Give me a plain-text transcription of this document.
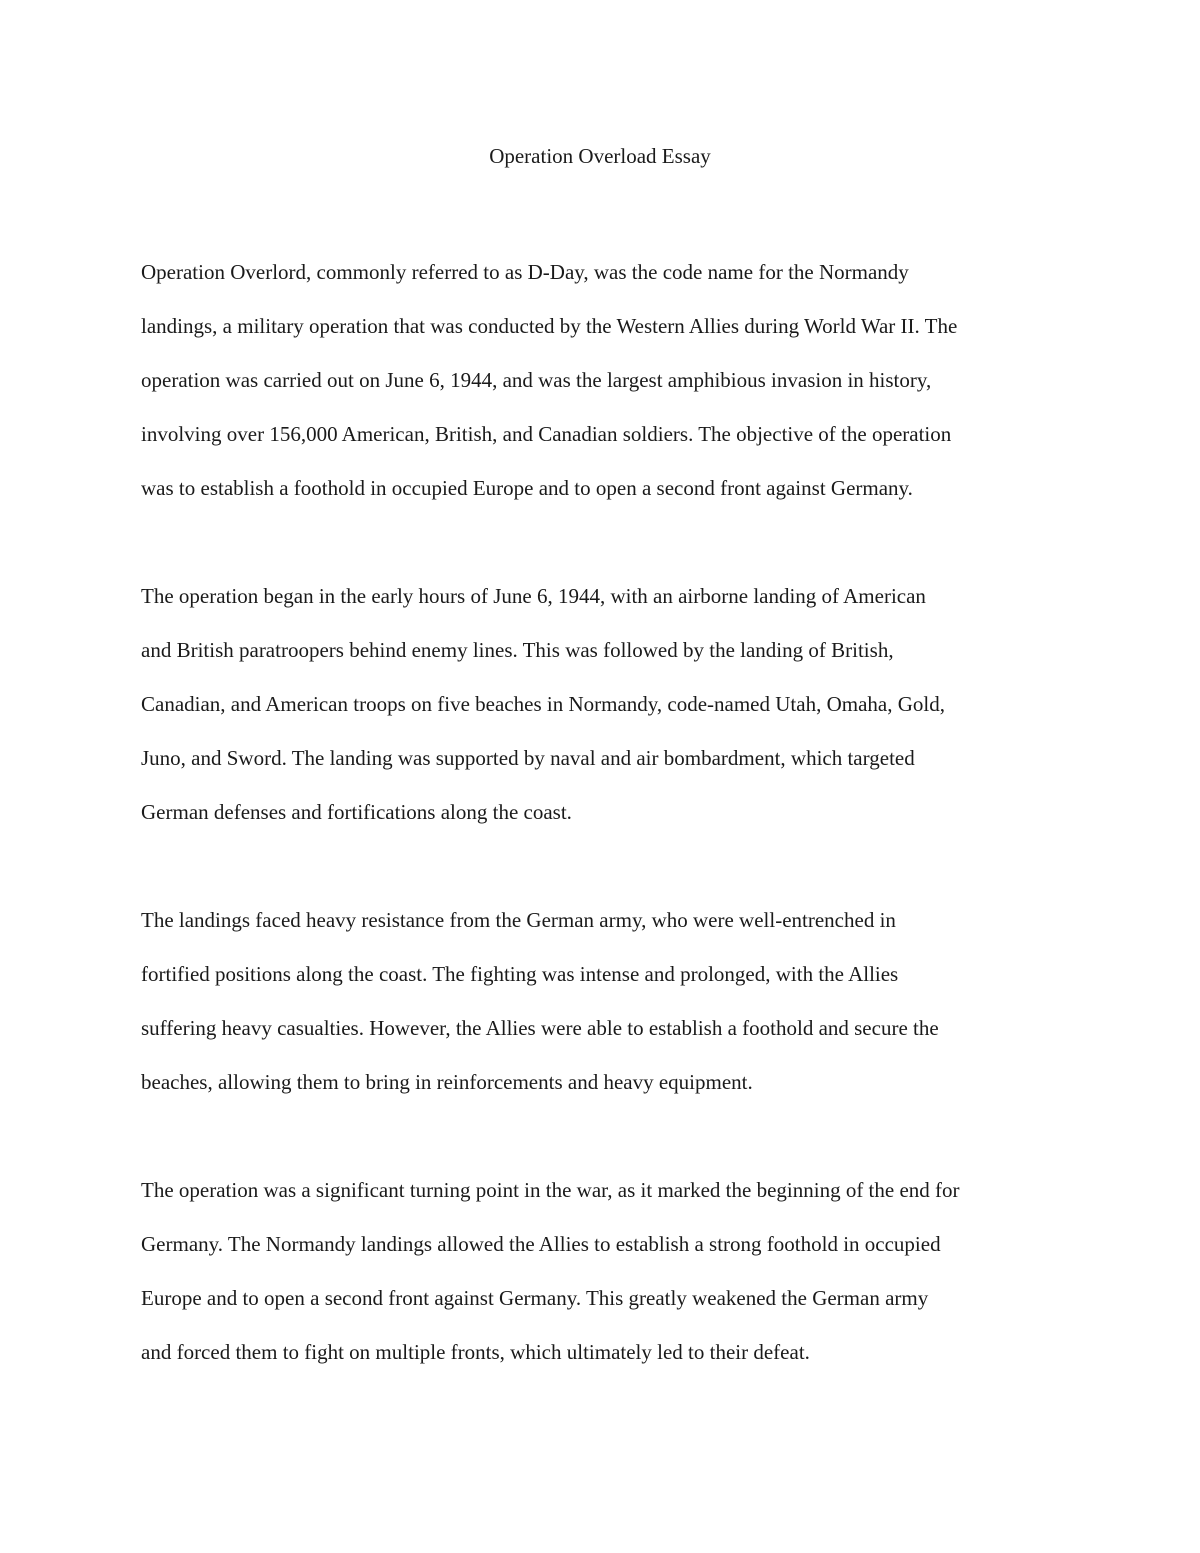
Operation Overload Essay

Operation Overlord, commonly referred to as D-Day, was the code name for the Normandy
landings, a military operation that was conducted by the Western Allies during World War II. The
operation was carried out on June 6, 1944, and was the largest amphibious invasion in history,
involving over 156,000 American, British, and Canadian soldiers. The objective of the operation
was to establish a foothold in occupied Europe and to open a second front against Germany.

The operation began in the early hours of June 6, 1944, with an airborne landing of American
and British paratroopers behind enemy lines. This was followed by the landing of British,
Canadian, and American troops on five beaches in Normandy, code-named Utah, Omaha, Gold,
Juno, and Sword. The landing was supported by naval and air bombardment, which targeted
German defenses and fortifications along the coast.

The landings faced heavy resistance from the German army, who were well-entrenched in
fortified positions along the coast. The fighting was intense and prolonged, with the Allies
suffering heavy casualties. However, the Allies were able to establish a foothold and secure the
beaches, allowing them to bring in reinforcements and heavy equipment.

The operation was a significant turning point in the war, as it marked the beginning of the end for
Germany. The Normandy landings allowed the Allies to establish a strong foothold in occupied
Europe and to open a second front against Germany. This greatly weakened the German army
and forced them to fight on multiple fronts, which ultimately led to their defeat.
